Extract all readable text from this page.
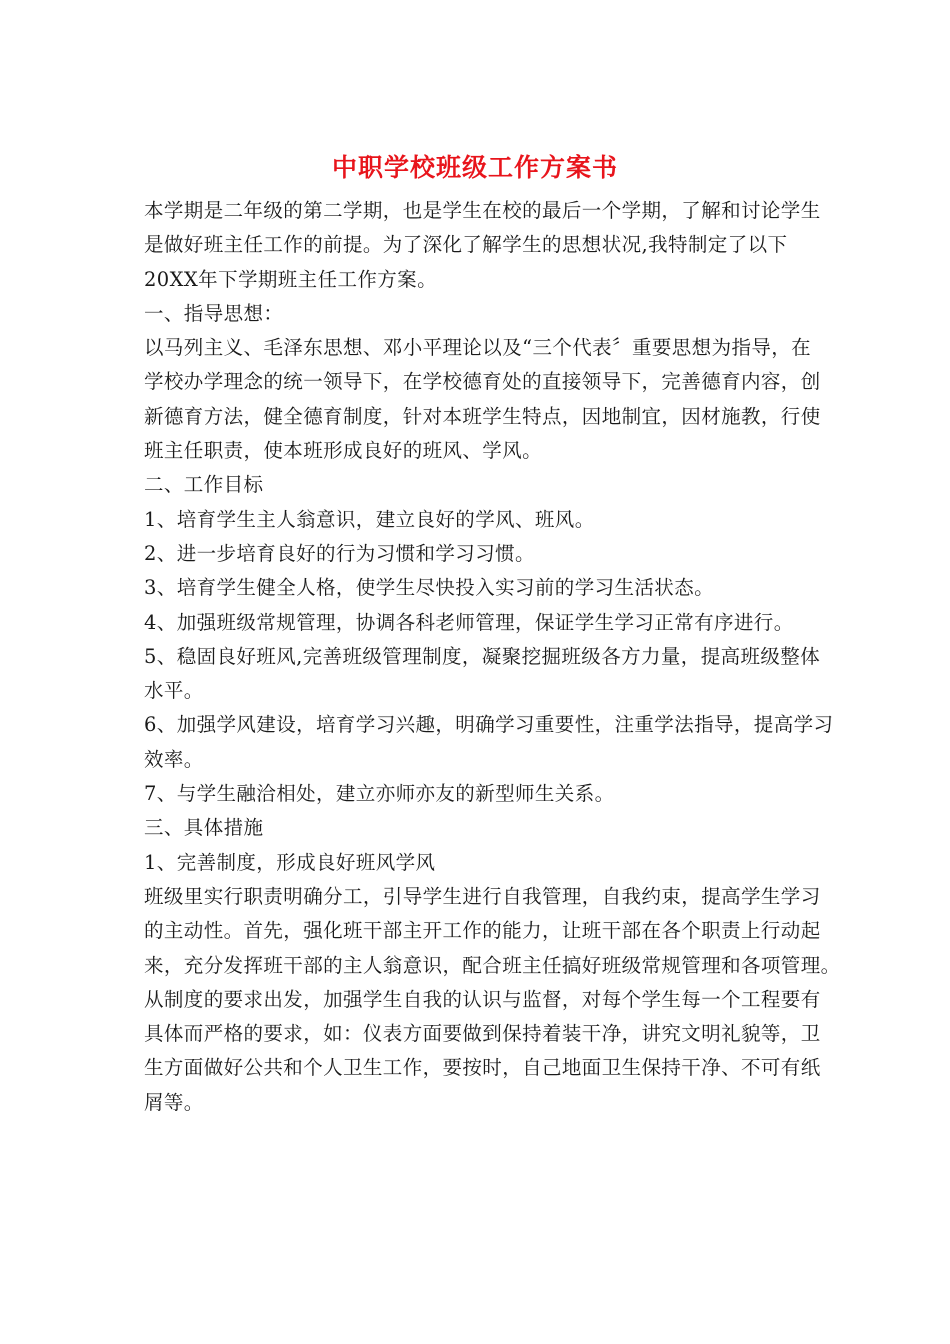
中职学校班级工作方案书
本学期是二年级的第二学期，也是学生在校的最后一个学期，了解和讨论学生
是做好班主任工作的前提。为了深化了解学生的思想状况,我特制定了以下
20XX年下学期班主任工作方案。
一、指导思想：
以马列主义、毛泽东思想、邓小平理论以及“三个代表〞重要思想为指导，在
学校办学理念的统一领导下，在学校德育处的直接领导下，完善德育内容，创
新德育方法，健全德育制度，针对本班学生特点，因地制宜，因材施教，行使
班主任职责，使本班形成良好的班风、学风。
二、工作目标
1、培育学生主人翁意识，建立良好的学风、班风。
2、进一步培育良好的行为习惯和学习习惯。
3、培育学生健全人格，使学生尽快投入实习前的学习生活状态。
4、加强班级常规管理，协调各科老师管理，保证学生学习正常有序进行。
5、稳固良好班风,完善班级管理制度，凝聚挖掘班级各方力量，提高班级整体
水平。
6、加强学风建设，培育学习兴趣，明确学习重要性，注重学法指导，提高学习
效率。
7、与学生融洽相处，建立亦师亦友的新型师生关系。
三、具体措施
1、完善制度，形成良好班风学风
班级里实行职责明确分工，引导学生进行自我管理，自我约束，提高学生学习
的主动性。首先，强化班干部主开工作的能力，让班干部在各个职责上行动起
来，充分发挥班干部的主人翁意识，配合班主任搞好班级常规管理和各项管理。
从制度的要求出发，加强学生自我的认识与监督，对每个学生每一个工程要有
具体而严格的要求，如：仪表方面要做到保持着装干净，讲究文明礼貌等，卫
生方面做好公共和个人卫生工作，要按时，自己地面卫生保持干净、不可有纸
屑等。
